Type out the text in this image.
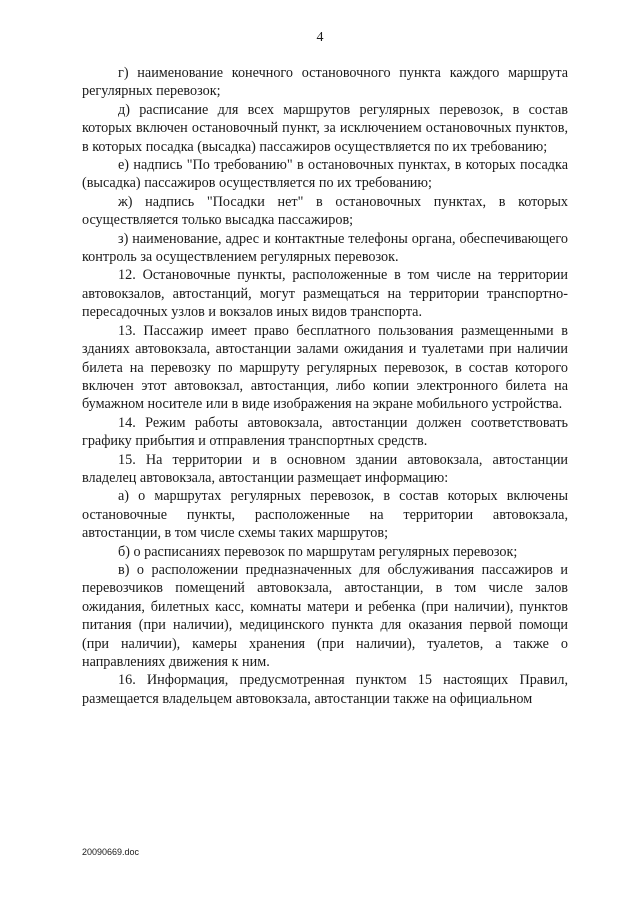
4

г) наименование конечного остановочного пункта каждого маршрута регулярных перевозок;

д) расписание для всех маршрутов регулярных перевозок, в состав которых включен остановочный пункт, за исключением остановочных пунктов, в которых посадка (высадка) пассажиров осуществляется по их требованию;

е) надпись "По требованию" в остановочных пунктах, в которых посадка (высадка) пассажиров осуществляется по их требованию;

ж) надпись "Посадки нет" в остановочных пунктах, в которых осуществляется только высадка пассажиров;

з) наименование, адрес и контактные телефоны органа, обеспечивающего контроль за осуществлением регулярных перевозок.

12. Остановочные пункты, расположенные в том числе на территории автовокзалов, автостанций, могут размещаться на территории транспортно-пересадочных узлов и вокзалов иных видов транспорта.

13. Пассажир имеет право бесплатного пользования размещенными в зданиях автовокзала, автостанции залами ожидания и туалетами при наличии билета на перевозку по маршруту регулярных перевозок, в состав которого включен этот автовокзал, автостанция, либо копии электронного билета на бумажном носителе или в виде изображения на экране мобильного устройства.

14. Режим работы автовокзала, автостанции должен соответствовать графику прибытия и отправления транспортных средств.

15. На территории и в основном здании автовокзала, автостанции владелец автовокзала, автостанции размещает информацию:

а) о маршрутах регулярных перевозок, в состав которых включены остановочные пункты, расположенные на территории автовокзала, автостанции, в том числе схемы таких маршрутов;

б) о расписаниях перевозок по маршрутам регулярных перевозок;

в) о расположении предназначенных для обслуживания пассажиров и перевозчиков помещений автовокзала, автостанции, в том числе залов ожидания, билетных касс, комнаты матери и ребенка (при наличии), пунктов питания (при наличии), медицинского пункта для оказания первой помощи (при наличии), камеры хранения (при наличии), туалетов, а также о направлениях движения к ним.

16. Информация, предусмотренная пунктом 15 настоящих Правил, размещается владельцем автовокзала, автостанции также на официальном

20090669.doc
